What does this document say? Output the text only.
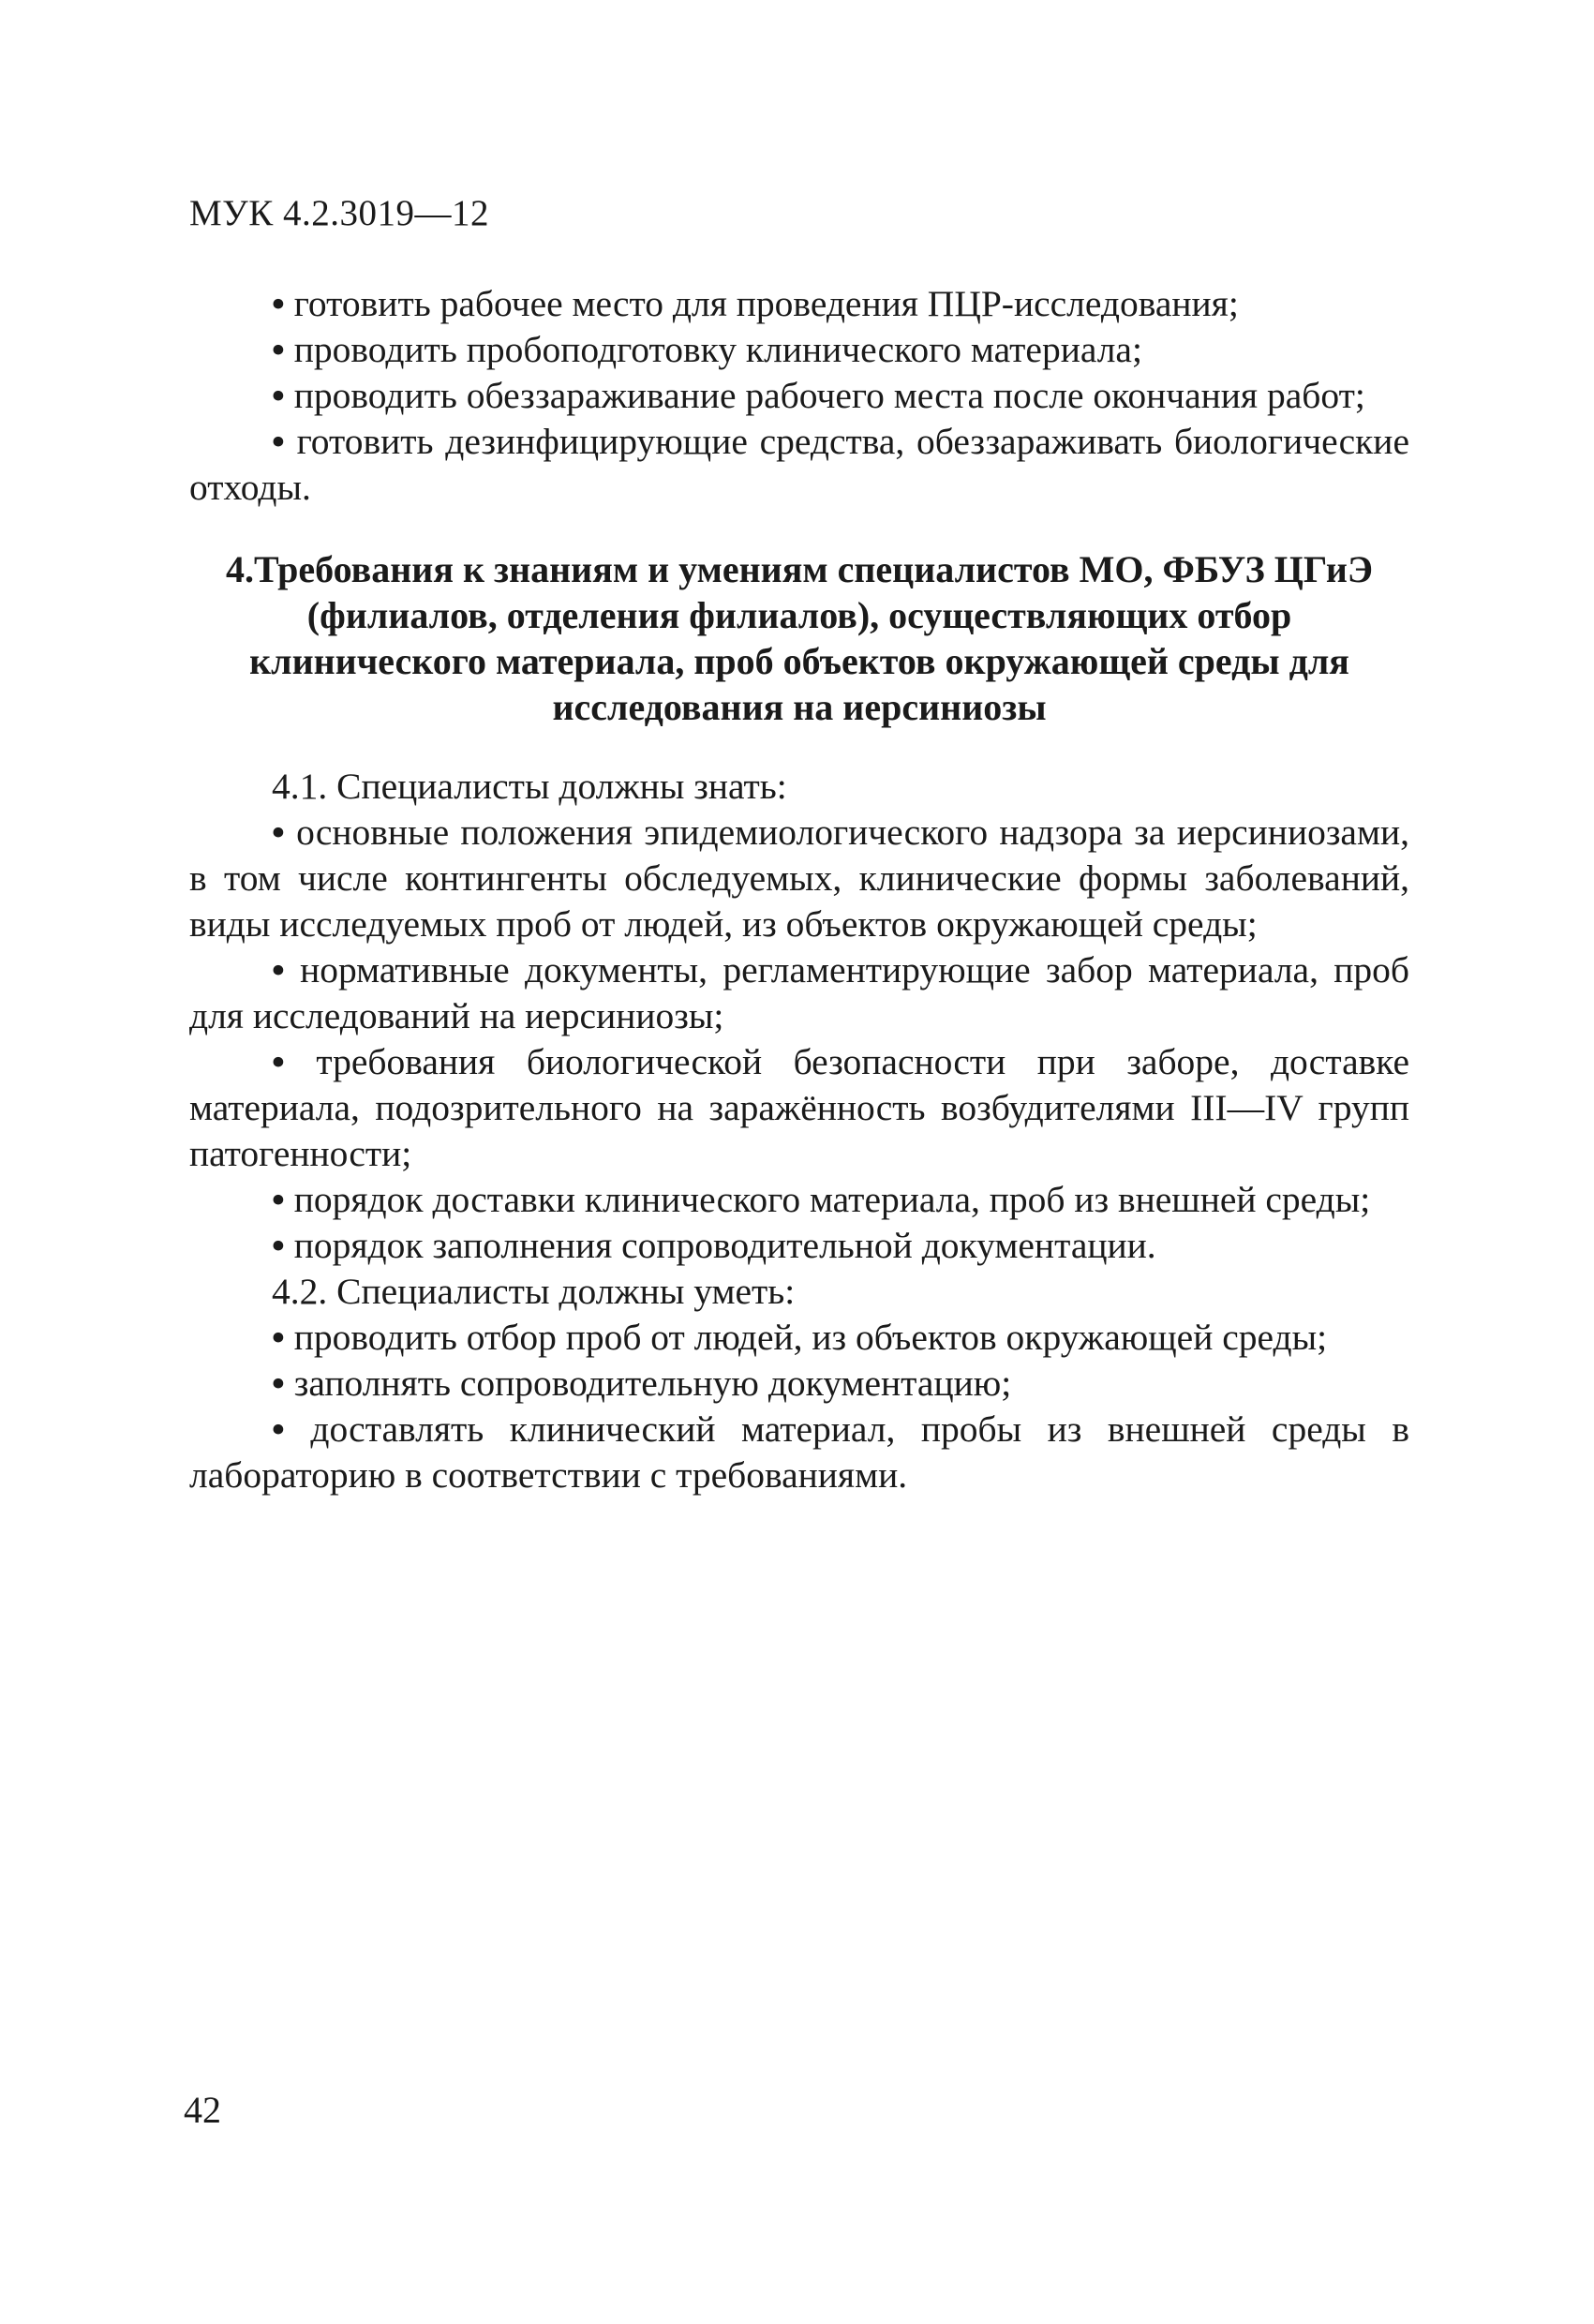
МУК 4.2.3019—12
• готовить рабочее место для проведения ПЦР-исследования;
• проводить пробоподготовку клинического материала;
• проводить обеззараживание рабочего места после окончания работ;
• готовить дезинфицирующие средства, обеззараживать биологические отходы.
4.Требования к знаниям и умениям специалистов МО, ФБУЗ ЦГиЭ (филиалов, отделения филиалов), осуществляющих отбор клинического материала, проб объектов окружающей среды для исследования на иерсиниозы

4.1. Специалисты должны знать:

• основные положения эпидемиологического надзора за иерсиниозами, в том числе контингенты обследуемых, клинические формы заболеваний, виды исследуемых проб от людей, из объектов окружающей среды;
• нормативные документы, регламентирующие забор материала, проб для исследований на иерсиниозы;
• требования биологической безопасности при заборе, доставке материала, подозрительного на заражённость возбудителями III—IV групп патогенности;
• порядок доставки клинического материала, проб из внешней среды;
• порядок заполнения сопроводительной документации.

4.2. Специалисты должны уметь:

• проводить отбор проб от людей, из объектов окружающей среды;
• заполнять сопроводительную документацию;
• доставлять клинический материал, пробы из внешней среды в лабораторию в соответствии с требованиями.
42
